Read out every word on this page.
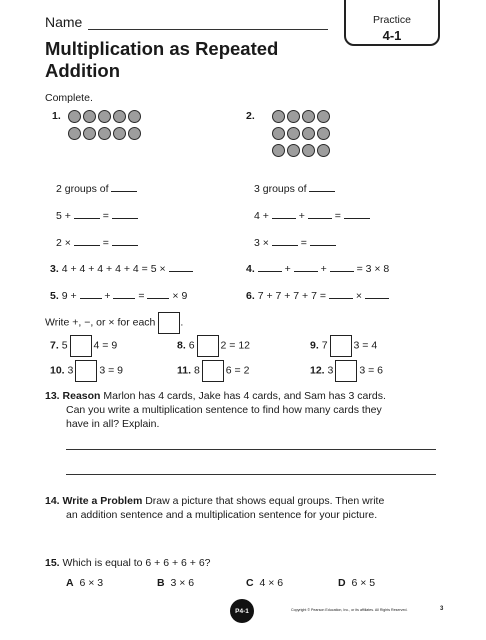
Name	Practice
4-1
Multiplication as Repeated
Addition
Complete.
1.
2 groups of
5 +	=
2 ×	=
2.
3 groups of
4 +	+	=
3 ×	=
3. 4 + 4 + 4 + 4 + 4 = 5 ×	4.	+	+	= 3 × 8
5. 9 +	+	=	× 9	6. 7 + 7 + 7 + 7 =	×
Write +, −, or × for each .
7. 5 4 = 9	8. 6 2 = 12	9. 7 3 = 4
10. 3 3 = 9	11. 8 6 = 2	12. 3 3 = 6
13. Reason Marlon has 4 cards, Jake has 4 cards, and Sam has 3 cards.
Can you write a multiplication sentence to find how many cards they
have in all? Explain.
14. Write a Problem Draw a picture that shows equal groups. Then write
an addition sentence and a multiplication sentence for your picture.
15. Which is equal to 6 + 6 + 6 + 6?
A 6 × 3	B 3 × 6	C 4 × 6	D 6 × 5
P4-1	Copyright © Pearson Education, Inc., or its affiliates. All Rights Reserved.	3
